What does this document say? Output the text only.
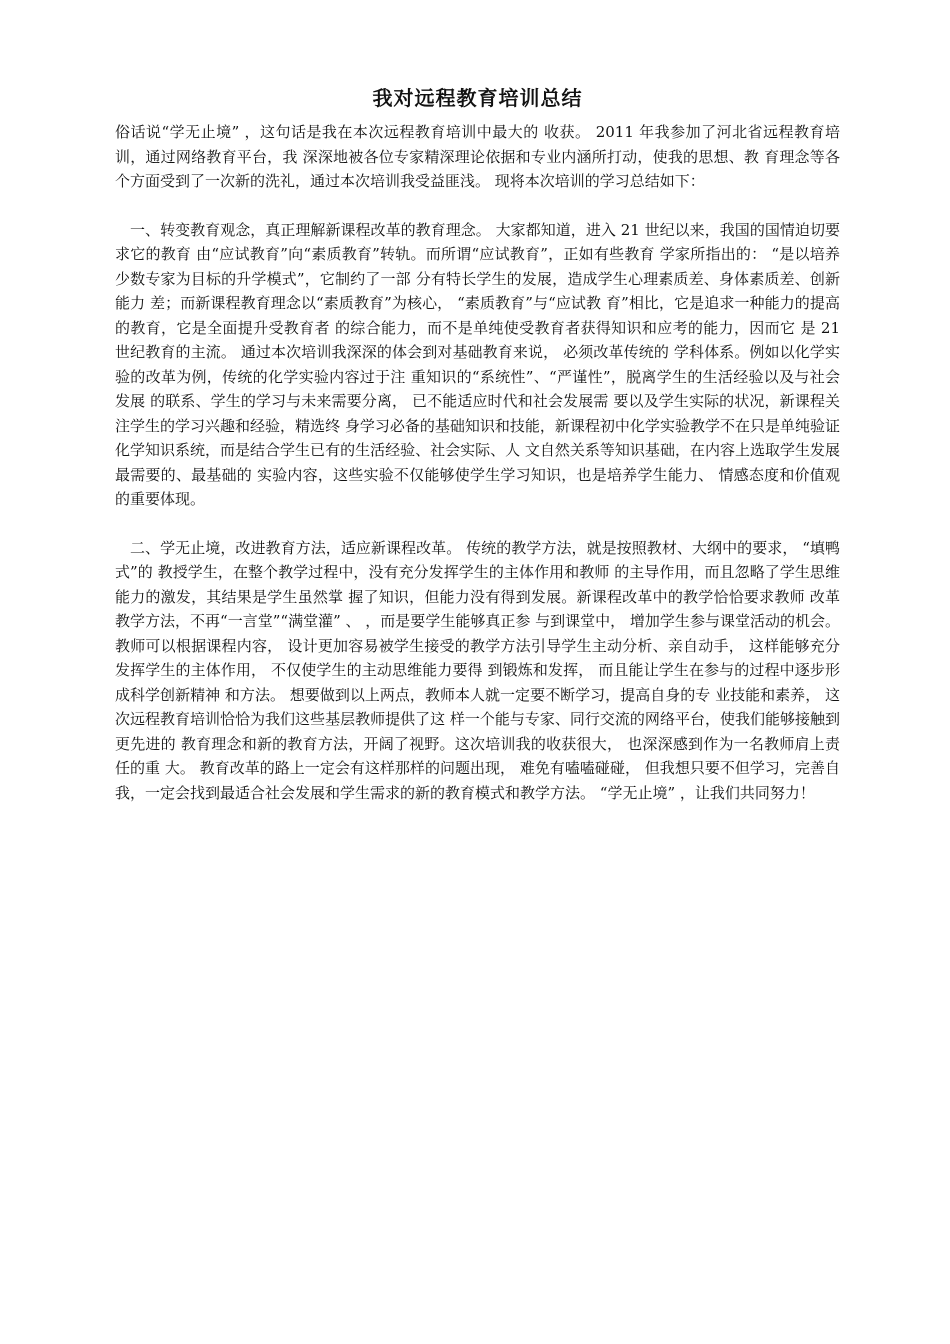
我对远程教育培训总结

俗话说“学无止境” ，这句话是我在本次远程教育培训中最大的 收获。 2011 年我参加了河北省远程教育培训，通过网络教育平台，我 深深地被各位专家精深理论依据和专业内涵所打动，使我的思想、教 育理念等各个方面受到了一次新的洗礼，通过本次培训我受益匪浅。 现将本次培训的学习总结如下：

一、转变教育观念，真正理解新课程改革的教育理念。 大家都知道，进入 21 世纪以来，我国的国情迫切要求它的教育 由“应试教育”向“素质教育”转轨。而所谓“应试教育”，正如有些教育 学家所指出的： “是以培养少数专家为目标的升学模式”，它制约了一部 分有特长学生的发展，造成学生心理素质差、身体素质差、创新能力 差；而新课程教育理念以“素质教育”为核心， “素质教育”与“应试教 育”相比，它是追求一种能力的提高的教育，它是全面提升受教育者 的综合能力，而不是单纯使受教育者获得知识和应考的能力，因而它 是 21 世纪教育的主流。 通过本次培训我深深的体会到对基础教育来说， 必须改革传统的 学科体系。例如以化学实验的改革为例，传统的化学实验内容过于注 重知识的“系统性”、“严谨性”，脱离学生的生活经验以及与社会发展 的联系、学生的学习与未来需要分离， 已不能适应时代和社会发展需 要以及学生实际的状况，新课程关注学生的学习兴趣和经验，精选终 身学习必备的基础知识和技能，新课程初中化学实验教学不在只是单纯验证化学知识系统，而是结合学生已有的生活经验、社会实际、人 文自然关系等知识基础，在内容上选取学生发展最需要的、最基础的 实验内容，这些实验不仅能够使学生学习知识，也是培养学生能力、 情感态度和价值观的重要体现。

二、学无止境，改进教育方法，适应新课程改革。 传统的教学方法，就是按照教材、大纲中的要求， “填鸭式”的 教授学生，在整个教学过程中，没有充分发挥学生的主体作用和教师 的主导作用，而且忽略了学生思维能力的激发，其结果是学生虽然掌 握了知识，但能力没有得到发展。新课程改革中的教学恰恰要求教师 改革教学方法，不再“一言堂”“满堂灌” 、 ，而是要学生能够真正参 与到课堂中， 增加学生参与课堂活动的机会。 教师可以根据课程内容， 设计更加容易被学生接受的教学方法引导学生主动分析、亲自动手， 这样能够充分发挥学生的主体作用， 不仅使学生的主动思维能力要得 到锻炼和发挥， 而且能让学生在参与的过程中逐步形成科学创新精神 和方法。 想要做到以上两点，教师本人就一定要不断学习，提高自身的专 业技能和素养， 这次远程教育培训恰恰为我们这些基层教师提供了这 样一个能与专家、同行交流的网络平台，使我们能够接触到更先进的 教育理念和新的教育方法，开阔了视野。这次培训我的收获很大， 也深深感到作为一名教师肩上责任的重 大。 教育改革的路上一定会有这样那样的问题出现， 难免有嗑嗑碰碰， 但我想只要不但学习，完善自我，一定会找到最适合社会发展和学生需求的新的教育模式和教学方法。 “学无止境” ，让我们共同努力！
